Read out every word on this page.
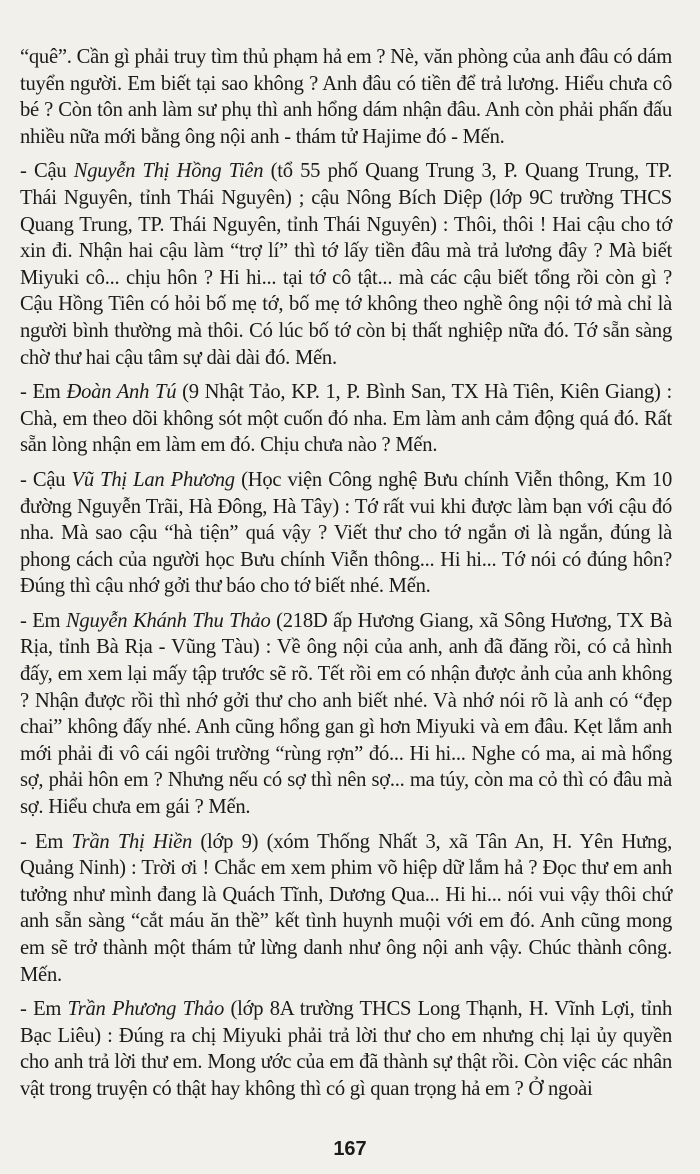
“quê”. Cần gì phải truy tìm thủ phạm hả em ? Nè, văn phòng của anh đâu có dám tuyển người. Em biết tại sao không ? Anh đâu có tiền để trả lương. Hiểu chưa cô bé ? Còn tôn anh làm sư phụ thì anh hổng dám nhận đâu. Anh còn phải phấn đấu nhiều nữa mới bằng ông nội anh - thám tử Hajime đó - Mến.

- Cậu Nguyễn Thị Hồng Tiên (tổ 55 phố Quang Trung 3, P. Quang Trung, TP. Thái Nguyên, tỉnh Thái Nguyên) ; cậu Nông Bích Diệp (lớp 9C trường THCS Quang Trung, TP. Thái Nguyên, tỉnh Thái Nguyên) : Thôi, thôi ! Hai cậu cho tớ xin đi. Nhận hai cậu làm “trợ lí” thì tớ lấy tiền đâu mà trả lương đây ? Mà biết Miyuki cô... chịu hôn ? Hi hi... tại tớ cô tật... mà các cậu biết tổng rồi còn gì ? Cậu Hồng Tiên có hỏi bố mẹ tớ, bố mẹ tớ không theo nghề ông nội tớ mà chỉ là người bình thường mà thôi. Có lúc bố tớ còn bị thất nghiệp nữa đó. Tớ sẵn sàng chờ thư hai cậu tâm sự dài dài đó. Mến.

- Em Đoàn Anh Tú (9 Nhật Tảo, KP. 1, P. Bình San, TX Hà Tiên, Kiên Giang) : Chà, em theo dõi không sót một cuốn đó nha. Em làm anh cảm động quá đó. Rất sẵn lòng nhận em làm em đó. Chịu chưa nào ? Mến.

- Cậu Vũ Thị Lan Phương (Học viện Công nghệ Bưu chính Viễn thông, Km 10 đường Nguyễn Trãi, Hà Đông, Hà Tây) : Tớ rất vui khi được làm bạn với cậu đó nha. Mà sao cậu “hà tiện” quá vậy ? Viết thư cho tớ ngắn ơi là ngắn, đúng là phong cách của người học Bưu chính Viễn thông... Hi hi... Tớ nói có đúng hôn? Đúng thì cậu nhớ gởi thư báo cho tớ biết nhé. Mến.

- Em Nguyễn Khánh Thu Thảo (218D ấp Hương Giang, xã Sông Hương, TX Bà Rịa, tỉnh Bà Rịa - Vũng Tàu) : Về ông nội của anh, anh đã đăng rồi, có cả hình đấy, em xem lại mấy tập trước sẽ rõ. Tết rồi em có nhận được ảnh của anh không ? Nhận được rồi thì nhớ gởi thư cho anh biết nhé. Và nhớ nói rõ là anh có “đẹp chai” không đấy nhé. Anh cũng hổng gan gì hơn Miyuki và em đâu. Kẹt lắm anh mới phải đi vô cái ngôi trường “rùng rợn” đó... Hi hi... Nghe có ma, ai mà hổng sợ, phải hôn em ? Nhưng nếu có sợ thì nên sợ... ma túy, còn ma cỏ thì có đâu mà sợ. Hiểu chưa em gái ? Mến.

- Em Trần Thị Hiền (lớp 9) (xóm Thống Nhất 3, xã Tân An, H. Yên Hưng, Quảng Ninh) : Trời ơi ! Chắc em xem phim võ hiệp dữ lắm hả ? Đọc thư em anh tưởng như mình đang là Quách Tĩnh, Dương Qua... Hi hi... nói vui vậy thôi chứ anh sẵn sàng “cắt máu ăn thề” kết tình huynh muội với em đó. Anh cũng mong em sẽ trở thành một thám tử lừng danh như ông nội anh vậy. Chúc thành công. Mến.

- Em Trần Phương Thảo (lớp 8A trường THCS Long Thạnh, H. Vĩnh Lợi, tỉnh Bạc Liêu) : Đúng ra chị Miyuki phải trả lời thư cho em nhưng chị lại ủy quyền cho anh trả lời thư em. Mong ước của em đã thành sự thật rồi. Còn việc các nhân vật trong truyện có thật hay không thì có gì quan trọng hả em ? Ở ngoài

167
